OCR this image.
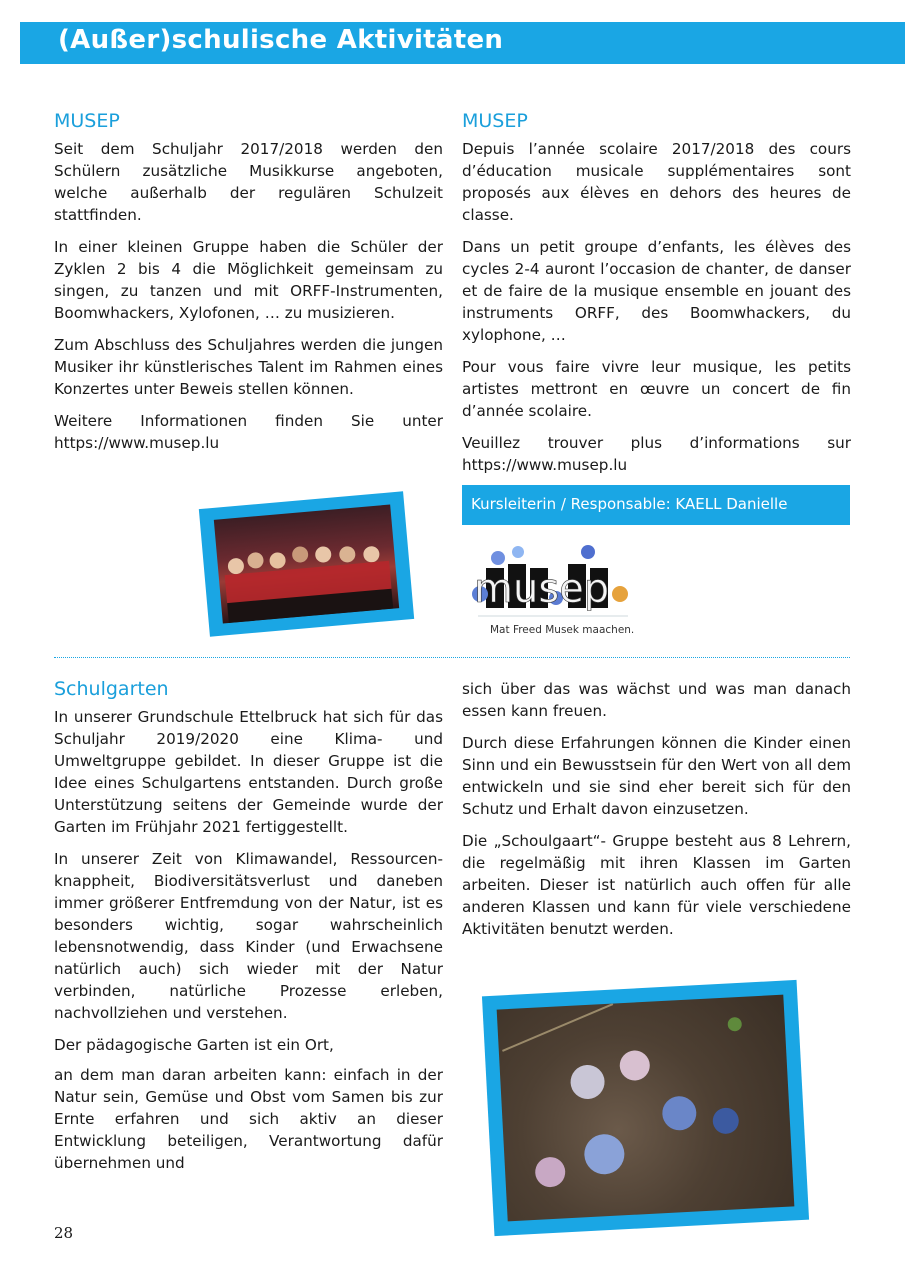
(Außer)schulische Aktivitäten
MUSEP

Seit dem Schuljahr 2017/2018 werden den Schülern zusätzliche Musikkurse angeboten, welche außerhalb der regulären Schulzeit stattfinden.

In einer kleinen Gruppe haben die Schüler der Zyklen 2 bis 4 die Möglichkeit gemeinsam zu singen, zu tanzen und mit ORFF-Instrumenten, Boomwhackers, Xylofonen, … zu musizieren.

Zum Abschluss des Schuljahres werden die jungen Musiker ihr künstlerisches Talent im Rahmen eines Konzertes unter Beweis stellen können.

Weitere Informationen finden Sie unter https://www.musep.lu

MUSEP

Depuis l’année scolaire 2017/2018 des cours d’éducation musicale supplémentaires sont proposés aux élèves en dehors des heures de classe.

Dans un petit groupe d’enfants, les élèves des cycles 2-4 auront l’occasion de chanter, de danser et de faire de la musique ensemble en jouant des instruments ORFF, des Boomwhackers, du xylophone, …

Pour vous faire vivre leur musique, les petits artistes mettront en œuvre un concert de fin d’année scolaire.

Veuillez trouver plus d’informations sur https://www.musep.lu

Kursleiterin / Responsable: KAELL Danielle
musep
Mat Freed Musek maachen.
Schulgarten

In unserer Grundschule Ettelbruck hat sich für das Schuljahr 2019/2020 eine Klima- und Umweltgruppe gebildet. In dieser Gruppe ist die Idee eines Schulgartens entstanden. Durch große Unterstützung seitens der Gemeinde wurde der Garten im Frühjahr 2021 fertiggestellt.

In unserer Zeit von Klimawandel, Ressourcenknappheit, Biodiversitätsverlust und daneben immer größerer Entfremdung von der Natur, ist es besonders wichtig, sogar wahrscheinlich lebensnotwendig, dass Kinder (und Erwachsene natürlich auch) sich wieder mit der Natur verbinden, natürliche Prozesse erleben, nachvollziehen und verstehen.

Der pädagogische Garten ist ein Ort,

an dem man daran arbeiten kann: einfach in der Natur sein, Gemüse und Obst vom Samen bis zur Ernte erfahren und sich aktiv an dieser Entwicklung beteiligen, Verantwortung dafür übernehmen und

sich über das was wächst und was man danach essen kann freuen.

Durch diese Erfahrungen können die Kinder einen Sinn und ein Bewusstsein für den Wert von all dem entwickeln und sie sind eher bereit sich für den Schutz und Erhalt davon einzusetzen.

Die „Schoulgaart“- Gruppe besteht aus 8 Lehrern, die regelmäßig mit ihren Klassen im Garten arbeiten. Dieser ist natürlich auch offen für alle anderen Klassen und kann für viele verschiedene Aktivitäten benutzt werden.

28
